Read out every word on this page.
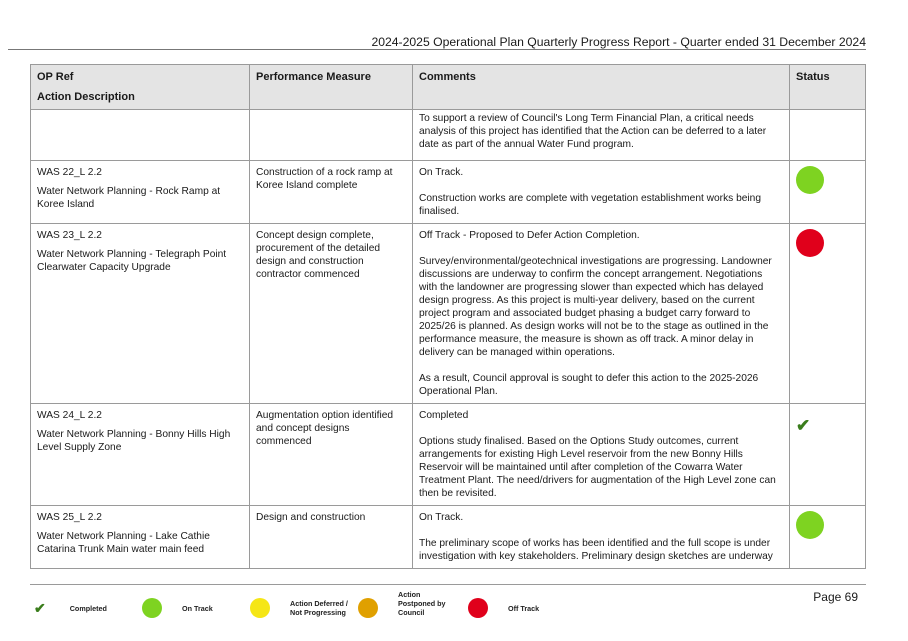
2024-2025 Operational Plan Quarterly Progress Report - Quarter ended 31 December 2024
OP Ref
Action Description	Performance Measure	Comments	Status
		To support a review of Council's Long Term Financial Plan, a critical needs analysis of this project has identified that the Action can be deferred to a later date as part of the annual Water Fund program.	

WAS 22_L 2.2
Water Network Planning - Rock Ramp at Koree Island	Construction of a rock ramp at Koree Island complete	On Track.
Construction works are complete with vegetation establishment works being finalised.	

WAS 23_L 2.2
Water Network Planning - Telegraph Point Clearwater Capacity Upgrade	Concept design complete, procurement of the detailed design and construction contractor commenced	Off Track - Proposed to Defer Action Completion.
Survey/environmental/geotechnical investigations are progressing. Landowner discussions are underway to confirm the concept arrangement. Negotiations with the landowner are progressing slower than expected which has delayed design progress. As this project is multi-year delivery, based on the current project program and associated budget phasing a budget carry forward to 2025/26 is planned. As design works will not be to the stage as outlined in the performance measure, the measure is shown as off track. A minor delay in delivery can be managed within operations.
As a result, Council approval is sought to defer this action to the 2025-2026 Operational Plan.	

WAS 24_L 2.2
Water Network Planning - Bonny Hills High Level Supply Zone	Augmentation option identified and concept designs commenced	Completed
Options study finalised. Based on the Options Study outcomes, current arrangements for existing High Level reservoir from the new Bonny Hills Reservoir will be maintained until after completion of the Cowarra Water Treatment Plant. The need/drivers for augmentation of the High Level zone can then be revisited.	✔

WAS 25_L 2.2
Water Network Planning - Lake Cathie Catarina Trunk Main water main feed	Design and construction	On Track.
The preliminary scope of works has been identified and the full scope is under investigation with key stakeholders. Preliminary design sketches are underway	

✔	Completed	On Track	Action Deferred / Not Progressing
Action Postponed by Council	Off Track
Page 69
